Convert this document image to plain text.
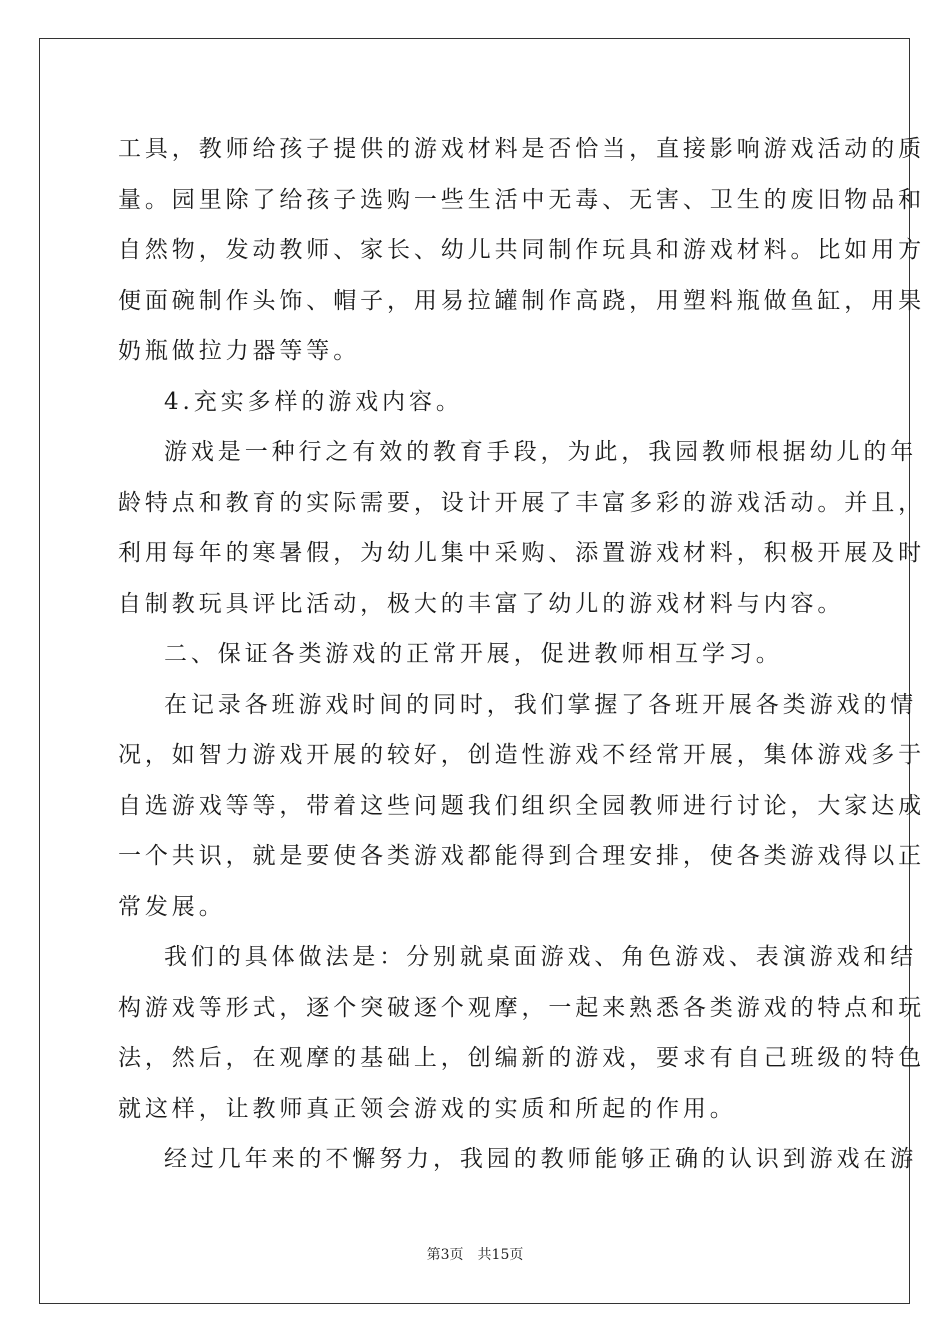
工具，教师给孩子提供的游戏材料是否恰当，直接影响游戏活动的质
量。园里除了给孩子选购一些生活中无毒、无害、卫生的废旧物品和
自然物，发动教师、家长、幼儿共同制作玩具和游戏材料。比如用方
便面碗制作头饰、帽子，用易拉罐制作高跷，用塑料瓶做鱼缸，用果
奶瓶做拉力器等等。
4.充实多样的游戏内容。
游戏是一种行之有效的教育手段，为此，我园教师根据幼儿的年
龄特点和教育的实际需要，设计开展了丰富多彩的游戏活动。并且，
利用每年的寒暑假，为幼儿集中采购、添置游戏材料，积极开展及时
自制教玩具评比活动，极大的丰富了幼儿的游戏材料与内容。
二、保证各类游戏的正常开展，促进教师相互学习。
在记录各班游戏时间的同时，我们掌握了各班开展各类游戏的情
况，如智力游戏开展的较好，创造性游戏不经常开展，集体游戏多于
自选游戏等等，带着这些问题我们组织全园教师进行讨论，大家达成
一个共识，就是要使各类游戏都能得到合理安排，使各类游戏得以正
常发展。
我们的具体做法是：分别就桌面游戏、角色游戏、表演游戏和结
构游戏等形式，逐个突破逐个观摩，一起来熟悉各类游戏的特点和玩
法，然后，在观摩的基础上，创编新的游戏，要求有自己班级的特色
就这样，让教师真正领会游戏的实质和所起的作用。
经过几年来的不懈努力，我园的教师能够正确的认识到游戏在游
第3页　共15页
